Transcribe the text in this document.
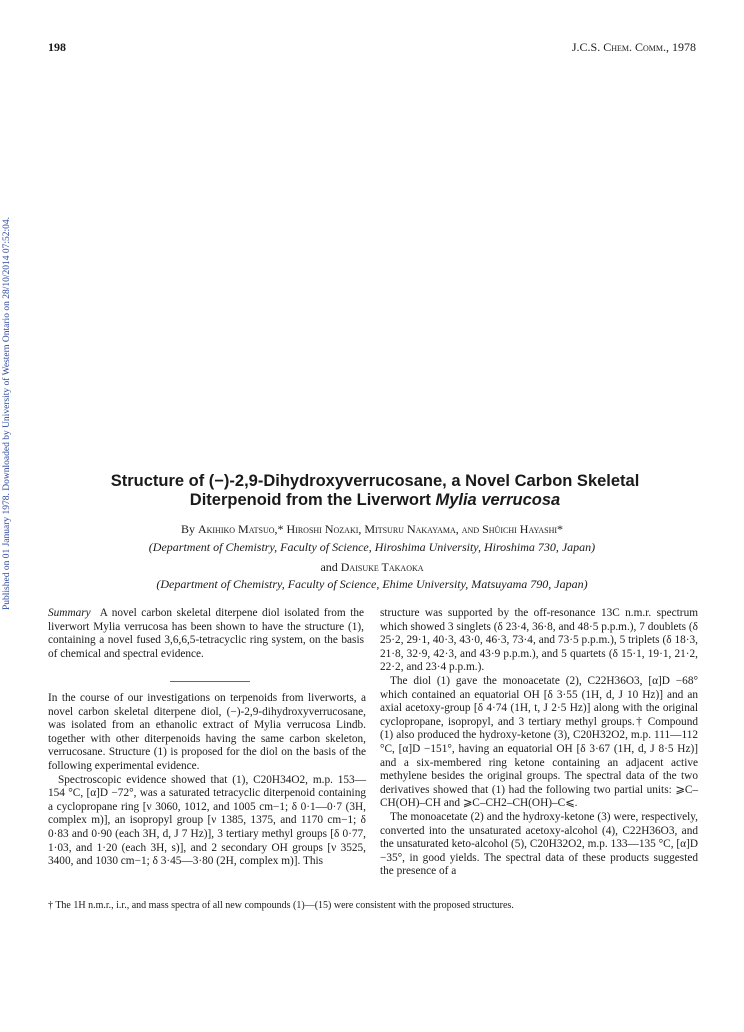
198	J.C.S. Chem. Comm., 1978
Published on 01 January 1978. Downloaded by University of Western Ontario on 28/10/2014 07:52:04.	Structure of (−)-2,9-Dihydroxyverrucosane, a Novel Carbon Skeletal
Diterpenoid from the Liverwort Mylia verrucosa
By Akihiko Matsuo,* Hiroshi Nozaki, Mitsuru Nakayama, and Shûichi Hayashi*
(Department of Chemistry, Faculty of Science, Hiroshima University, Hiroshima 730, Japan)
and Daisuke Takaoka
(Department of Chemistry, Faculty of Science, Ehime University, Matsuyama 790, Japan)

Summary A novel carbon skeletal diterpene diol isolated from the liverwort Mylia verrucosa has been shown to have the structure (1), containing a novel fused 3,6,6,5-tetracyclic ring system, on the basis of chemical and spectral evidence.

In the course of our investigations on terpenoids from liverworts, a novel carbon skeletal diterpene diol, (−)-2,9-dihydroxyverrucosane, was isolated from an ethanolic extract of Mylia verrucosa Lindb. together with other diterpenoids having the same carbon skeleton, verrucosane. Structure (1) is proposed for the diol on the basis of the following experimental evidence.

Spectroscopic evidence showed that (1), C20H34O2, m.p. 153—154 °C, [α]D −72°, was a saturated tetracyclic diterpenoid containing a cyclopropane ring [ν 3060, 1012, and 1005 cm−1; δ 0·1—0·7 (3H, complex m)], an isopropyl group [ν 1385, 1375, and 1170 cm−1; δ 0·83 and 0·90 (each 3H, d, J 7 Hz)], 3 tertiary methyl groups [δ 0·77, 1·03, and 1·20 (each 3H, s)], and 2 secondary OH groups [ν 3525, 3400, and 1030 cm−1; δ 3·45—3·80 (2H, complex m)]. This

structure was supported by the off-resonance 13C n.m.r. spectrum which showed 3 singlets (δ 23·4, 36·8, and 48·5 p.p.m.), 7 doublets (δ 25·2, 29·1, 40·3, 43·0, 46·3, 73·4, and 73·5 p.p.m.), 5 triplets (δ 18·3, 21·8, 32·9, 42·3, and 43·9 p.p.m.), and 5 quartets (δ 15·1, 19·1, 21·2, 22·2, and 23·4 p.p.m.).

The diol (1) gave the monoacetate (2), C22H36O3, [α]D −68° which contained an equatorial OH [δ 3·55 (1H, d, J 10 Hz)] and an axial acetoxy-group [δ 4·74 (1H, t, J 2·5 Hz)] along with the original cyclopropane, isopropyl, and 3 tertiary methyl groups.† Compound (1) also produced the hydroxy-ketone (3), C20H32O2, m.p. 111—112 °C, [α]D −151°, having an equatorial OH [δ 3·67 (1H, d, J 8·5 Hz)] and a six-membered ring ketone containing an adjacent active methylene besides the original groups. The spectral data of the two derivatives showed that (1) had the following two partial units: ⩾C–CH(OH)–CH and ⩾C–CH2–CH(OH)–C⩽.

The monoacetate (2) and the hydroxy-ketone (3) were, respectively, converted into the unsaturated acetoxy-alcohol (4), C22H36O3, and the unsaturated keto-alcohol (5), C20H32O2, m.p. 133—135 °C, [α]D −35°, in good yields. The spectral data of these products suggested the presence of a

† The 1H n.m.r., i.r., and mass spectra of all new compounds (1)—(15) were consistent with the proposed structures.
